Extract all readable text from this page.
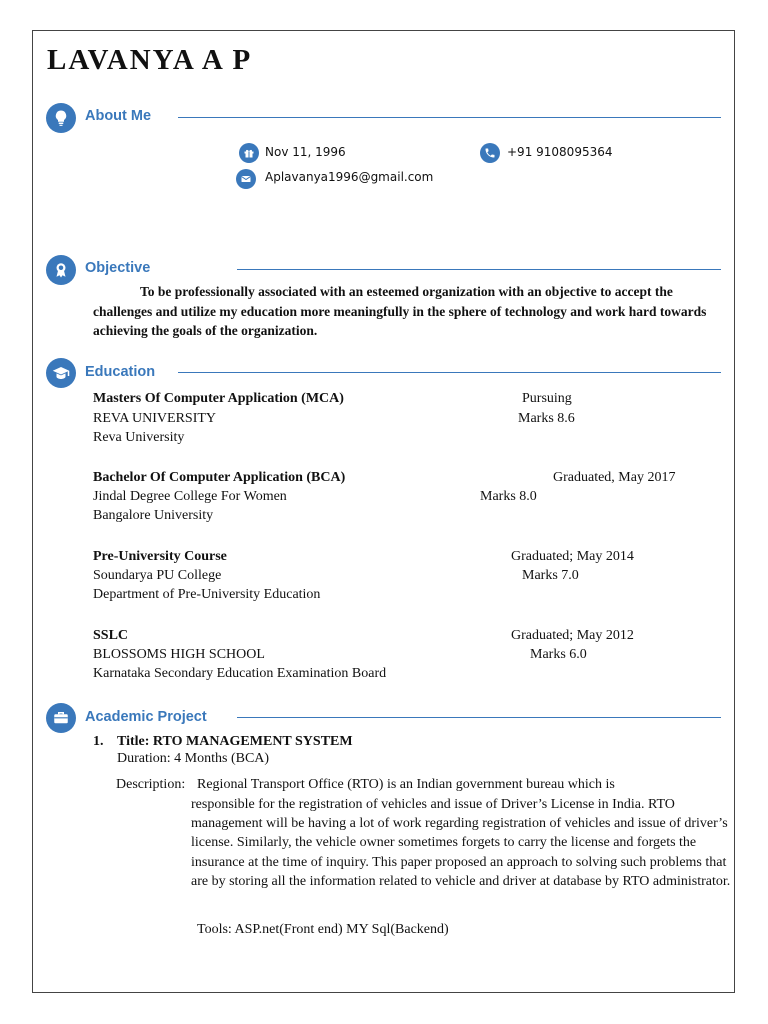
LAVANYA A P
About Me
Nov 11, 1996	+91 9108095364
Aplavanya1996@gmail.com
Objective

To be professionally associated with an esteemed organization with an objective to accept the challenges and utilize my education more meaningfully in the sphere of technology and work hard towards achieving the goals of the organization.

Education
Masters Of Computer Application (MCA)	Pursuing
REVA UNIVERSITY	Marks 8.6
Reva University
Bachelor Of Computer Application (BCA)	Graduated, May 2017
Jindal Degree College For Women	Marks 8.0
Bangalore University
Pre-University Course	Graduated; May 2014
Soundarya PU College	Marks 7.0
Department of Pre-University Education
SSLC	Graduated; May 2012
BLOSSOMS HIGH SCHOOL	Marks 6.0
Karnataka Secondary Education Examination Board
Academic Project
1. Title: RTO MANAGEMENT SYSTEM
Duration: 4 Months (BCA)
Description: Regional Transport Office (RTO) is an Indian government bureau which is

responsible for the registration of vehicles and issue of Driver’s License in India. RTO management will be having a lot of work regarding registration of vehicles and issue of driver’s license. Similarly, the vehicle owner sometimes forgets to carry the license and forgets the insurance at the time of inquiry. This paper proposed an approach to solving such problems that are by storing all the information related to vehicle and driver at database by RTO administrator.

Tools: ASP.net(Front end) MY Sql(Backend)
